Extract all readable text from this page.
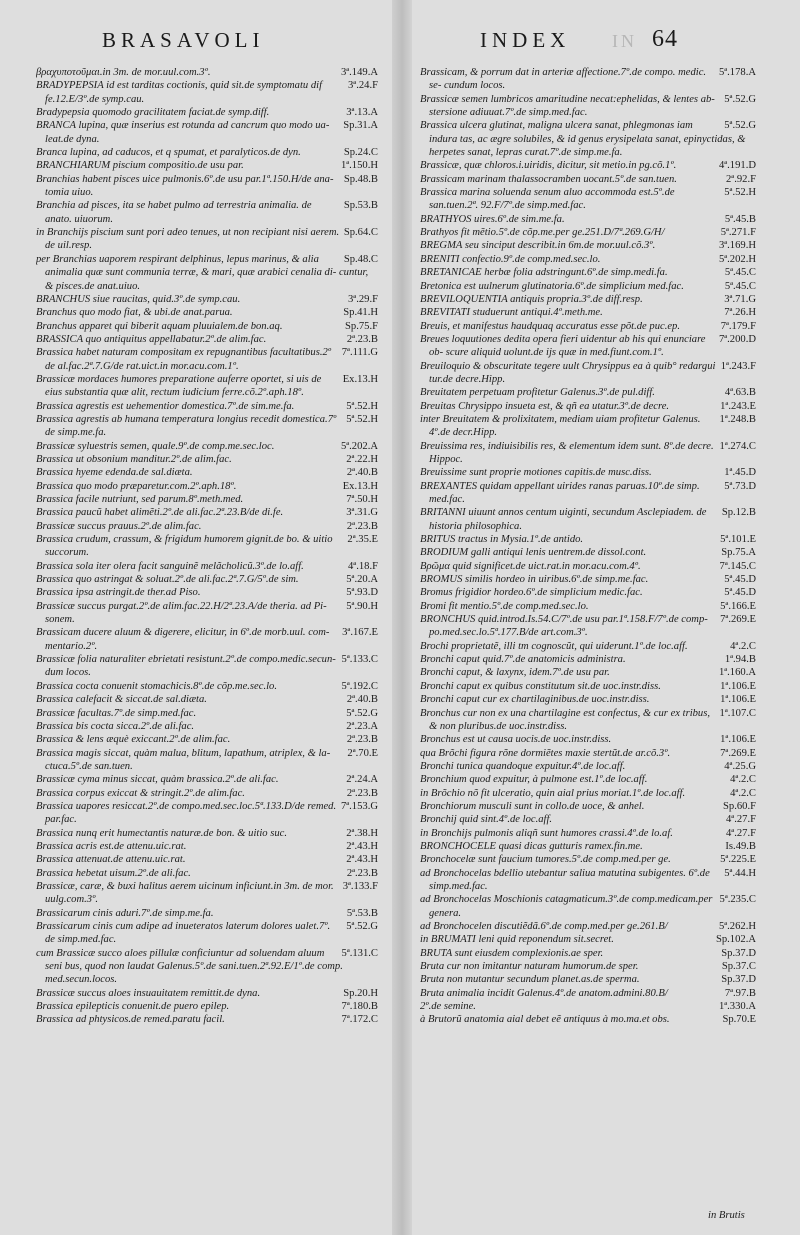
BRASAVOLI	INDEX IN 64

3ª.149.A
βραχυποτοῦμαι.in 3m. de mor.uul.com.3º.

3ª.24.F
BRADYPEPSIA id est tarditas coctionis, quid sit.de symptomatu dif fe.12.E/3º.de symp.cau.

3ª.13.A
Bradypepsia quomodo gracilitatem faciat.de symp.diff.

Sp.31.A
BRANCA lupina, quæ inserius est rotunda ad cancrum quo modo ua- leat.de dyna.

Sp.24.C
Branca lupina, ad caducos, et q spumat, et paralyticos.de dyn.

1ª.150.H
BRANCHIARUM piscium compositio.de usu par.

Sp.48.B
Branchias habent pisces uice pulmonis.6º.de usu par.1ª.150.H/de ana- tomia uiuo.

Sp.53.B
Branchia ad pisces, ita se habet pulmo ad terrestria animalia. de anato. uiuorum.

Sp.64.C
in Branchijs piscium sunt pori adeo tenues, ut non recipiant nisi aerem. de uil.resp.

Sp.48.C
per Branchias uaporem respirant delphinus, lepus marinus, & alia animalia quæ sunt communia terræ, & mari, quæ arabici cenalia di- cuntur, & pisces.de anat.uiuo.

3ª.29.F
BRANCHUS siue raucitas, quid.3º.de symp.cau.

Sp.41.H
Branchus quo modo fiat, & ubi.de anat.parua.

Sp.75.F
Branchus apparet qui biberit aquam pluuialem.de bon.aq.

2ª.23.B
BRASSICA quo antiquitus appellabatur.2º.de alim.fac.

7ª.111.G
Brassica habet naturam compositam ex repugnantibus facultatibus.2º de al.fac.2ª.7.G/de rat.uict.in mor.acu.com.1º.

Ex.13.H
Brassicæ mordaces humores preparatione auferre oportet, si uis de eius substantia quæ alit, rectum iudicium ferre.cõ.2º.aph.18º.

5ª.52.H
Brassica agrestis est uehementior domestica.7º.de sim.me.fa.

5ª.52.H
Brassica agrestis ab humana temperatura longius recedit domestica.7º de simp.me.fa.

5ª.202.A
Brassicæ syluestris semen, quale.9º.de comp.me.sec.loc.

2ª.22.H
Brassica ut obsonium manditur.2º.de alim.fac.

2ª.40.B
Brassica hyeme edenda.de sal.diæta.

Ex.13.H
Brassica quo modo præparetur.com.2º.aph.18º.

7ª.50.H
Brassica facile nutriunt, sed parum.8º.meth.med.

3ª.31.G
Brassica paucũ habet alimẽti.2º.de ali.fac.2ª.23.B/de di.fe.

2ª.23.B
Brassicæ succus prauus.2º.de alim.fac.

2ª.35.E
Brassica crudum, crassum, & frigidum humorem gignit.de bo. & uitio succorum.

4ª.18.F
Brassica sola iter olera facit sanguinẽ melãcholicũ.3º.de lo.aff.

5ª.20.A
Brassica quo astringat & soluat.2º.de ali.fac.2ª.7.G/5º.de sim.

5ª.93.D
Brassica ipsa astringit.de ther.ad Piso.

5ª.90.H
Brassicæ succus purgat.2º.de alim.fac.22.H/2ª.23.A/de theria. ad Pi- sonem.

3ª.167.E
Brassicam ducere aluum & digerere, elicitur, in 6º.de morb.uul. com- mentario.2º.

5ª.133.C
Brassicæ folia naturaliter ebrietati resistunt.2º.de compo.medic.secun- dum locos.

5ª.192.C
Brassica cocta conuenit stomachicis.8º.de cõp.me.sec.lo.

2ª.40.B
Brassica calefacit & siccat.de sal.diæta.

5ª.52.G
Brassicæ facultas.7º.de simp.med.fac.

2ª.23.A
Brassica bis cocta sicca.2º.de ali.fac.

2ª.23.B
Brassica & lens æquè exiccant.2º.de alim.fac.

2ª.70.E
Brassica magis siccat, quàm malua, blitum, lapathum, atriplex, & la- ctuca.5º.de san.tuen.

2ª.24.A
Brassicæ cyma minus siccat, quàm brassica.2º.de ali.fac.

2ª.23.B
Brassica corpus exiccat & stringit.2º.de alim.fac.

7ª.153.G
Brassica uapores resiccat.2º.de compo.med.sec.loc.5ª.133.D/de remed. par.fac.

2ª.38.H
Brassica nunq erit humectantis naturæ.de bon. & uitio suc.

2ª.43.H
Brassica acris est.de attenu.uic.rat.

2ª.43.H
Brassica attenuat.de attenu.uic.rat.

2ª.23.B
Brassica hebetat uisum.2º.de ali.fac.

3ª.133.F
Brassicæ, caræ, & buxi halitus aerem uicinum inficiunt.in 3m. de mor. uulg.com.3º.

5ª.53.B
Brassicarum cinis aduri.7º.de simp.me.fa.

5ª.52.G
Brassicarum cinis cum adipe ad inueteratos laterum dolores ualet.7º. de simp.med.fac.

5ª.131.C
cum Brassicæ succo aloes pillulæ conficiuntur ad soluendam aluum seni bus, quod non laudat Galenus.5º.de sani.tuen.2ª.92.E/1º.de comp. med.secun.locos.

Sp.20.H
Brassicæ succus aloes insuauitatem remittit.de dyna.

7ª.180.B
Brassica epilepticis conuenit.de puero epilep.

7ª.172.C
Brassica ad phtysicos.de remed.paratu facil.

5ª.178.A
Brassicam, & porrum dat in arteriæ affectione.7º.de compo. medic. se- cundum locos.

5ª.52.G
Brassicæ semen lumbricos amaritudine necat:ephelidas, & lentes ab- stersione adiuuat.7º.de simp.med.fac.

5ª.52.G
Brassica ulcera glutinat, maligna ulcera sanat, phlegmonas iam indura tas, ac ægre solubiles, & id genus erysipelata sanat, epinyctidas, & herpetes sanat, lepras curat.7º.de simp.me.fa.

4ª.191.D
Brassicæ, quæ chloros.i.uiridis, dicitur, sit metio.in pg.cõ.1º.

2ª.92.F
Brassicam marinam thalassocramben uocant.5º.de san.tuen.

5ª.52.H
Brassica marina soluenda senum aluo accommoda est.5º.de san.tuen.2ª. 92.F/7º.de simp.med.fac.

5ª.45.B
BRATHYOS uires.6º.de sim.me.fa.

5ª.271.F
Brathyos fit mẽtio.5º.de cõp.me.per ge.251.D/7ª.269.G/H/

3ª.169.H
BREGMA seu sinciput describit.in 6m.de mor.uul.cõ.3º.

5ª.202.H
BRENITI confectio.9º.de comp.med.sec.lo.

5ª.45.C
BRETANICAE herbæ folia adstringunt.6º.de simp.medi.fa.

5ª.45.C
Bretonica est uulnerum glutinatoria.6º.de simplicium med.fac.

3ª.71.G
BREVILOQUENTIA antiquis propria.3º.de diff.resp.

7ª.26.H
BREVITATI studuerunt antiqui.4º.meth.me.

7ª.179.F
Breuis, et manifestus haudquaq accuratus esse põt.de puc.ep.

7ª.200.D
Breues loquutiones dedita opera fieri uidentur ab his qui enunciare ob- scure aliquid uolunt.de ijs quæ in med.fiunt.com.1º.

1ª.243.F
Breuiloquio & obscuritate tegere uult Chrysippus ea à quib° redargui tur.de decre.Hipp.

4ª.63.B
Breuitatem perpetuam profitetur Galenus.3º.de pul.diff.

1ª.243.E
Breuitas Chrysippo insueta est, & qñ ea utatur.3º.de decre.

1ª.248.B
inter Breuitatem & prolixitatem, mediam uiam profitetur Galenus. 4º.de decr.Hipp.

1ª.274.C
Breuissima res, indiuisibilis res, & elementum idem sunt. 8º.de decre. Hippoc.

1ª.45.D
Breuissime sunt proprie motiones capitis.de musc.diss.

5ª.73.D
BREXANTES quidam appellant uirides ranas paruas.10º.de simp. med.fac.

Sp.12.B
BRITANNI uiuunt annos centum uiginti, secundum Asclepiadem. de historia philosophica.

5ª.101.E
BRITUS tractus in Mysia.1º.de antido.

Sp.75.A
BRODIUM galli antiqui lenis uentrem.de dissol.cont.

7ª.145.C
Βρῶμα quid significet.de uict.rat.in mor.acu.com.4º.

5ª.45.D
BROMUS similis hordeo in uiribus.6º.de simp.me.fac.

5ª.45.D
Bromus frigidior hordeo.6º.de simplicium medic.fac.

5ª.166.E
Bromi fit mentio.5º.de comp.med.sec.lo.

7ª.269.E
BRONCHUS quid.introd.Is.54.C/7º.de usu par.1ª.158.F/7º.de comp- po.med.sec.lo.5ª.177.B/de art.com.3º.

4ª.2.C
Brochi proprietatẽ, illi tm cognoscũt, qui uiderunt.1º.de loc.aff.

1ª.94.B
Bronchi caput quid.7º.de anatomicis administra.

1ª.160.A
Bronchi caput, & laxynx, idem.7º.de usu par.

1ª.106.E
Bronchi caput ex quibus constitutum sit.de uoc.instr.diss.

1ª.106.E
Bronchi caput cur ex chartilaginibus.de uoc.instr.diss.

1ª.107.C
Bronchus cur non ex una chartilagine est confectus, & cur ex tribus, & non pluribus.de uoc.instr.diss.

1ª.106.E
Bronchus est ut causa uocis.de uoc.instr.diss.

7ª.269.E
qua Brõchi figura rõne dormiẽtes maxie stertũt.de ar.cõ.3º.

4ª.25.G
Bronchi tunica quandoque expuitur.4º.de loc.aff.

4ª.2.C
Bronchium quod expuitur, à pulmone est.1º.de loc.aff.

4ª.2.C
in Brõchio nõ fit ulceratio, quin aial prius moriat.1º.de loc.aff.

Sp.60.F
Bronchiorum musculi sunt in collo.de uoce, & anhel.

4ª.27.F
Bronchij quid sint.4º.de loc.aff.

4ª.27.F
in Bronchijs pulmonis aliqñ sunt humores crassi.4º.de lo.af.

Is.49.B
BRONCHOCELE quasi dicas gutturis ramex.fin.me.

5ª.225.E
Bronchocelæ sunt faucium tumores.5º.de comp.med.per ge.

5ª.44.H
ad Bronchocelas bdellio utebantur saliua matutina subigentes. 6º.de simp.med.fac.

5ª.235.C
ad Bronchocelas Moschionis catagmaticum.3º.de comp.medicam.per genera.

5ª.262.H
ad Bronchocelen discutiẽdã.6º.de comp.med.per ge.261.B/

Sp.102.A
in BRUMATI leni quid reponendum sit.secret.

Sp.37.D
BRUTA sunt eiusdem complexionis.ae sper.

Sp.37.C
Bruta cur non imitantur naturam humorum.de sper.

Sp.37.D
Bruta non mutantur secundum planet.as.de sperma.

7ª.97.B
Bruta animalia incidit Galenus.4º.de anatom.admini.80.B/

1ª.330.A
2º.de semine.

Sp.70.E
à Brutorũ anatomia aial debet eẽ antiquus à mo.ma.et obs.

in Brutis
